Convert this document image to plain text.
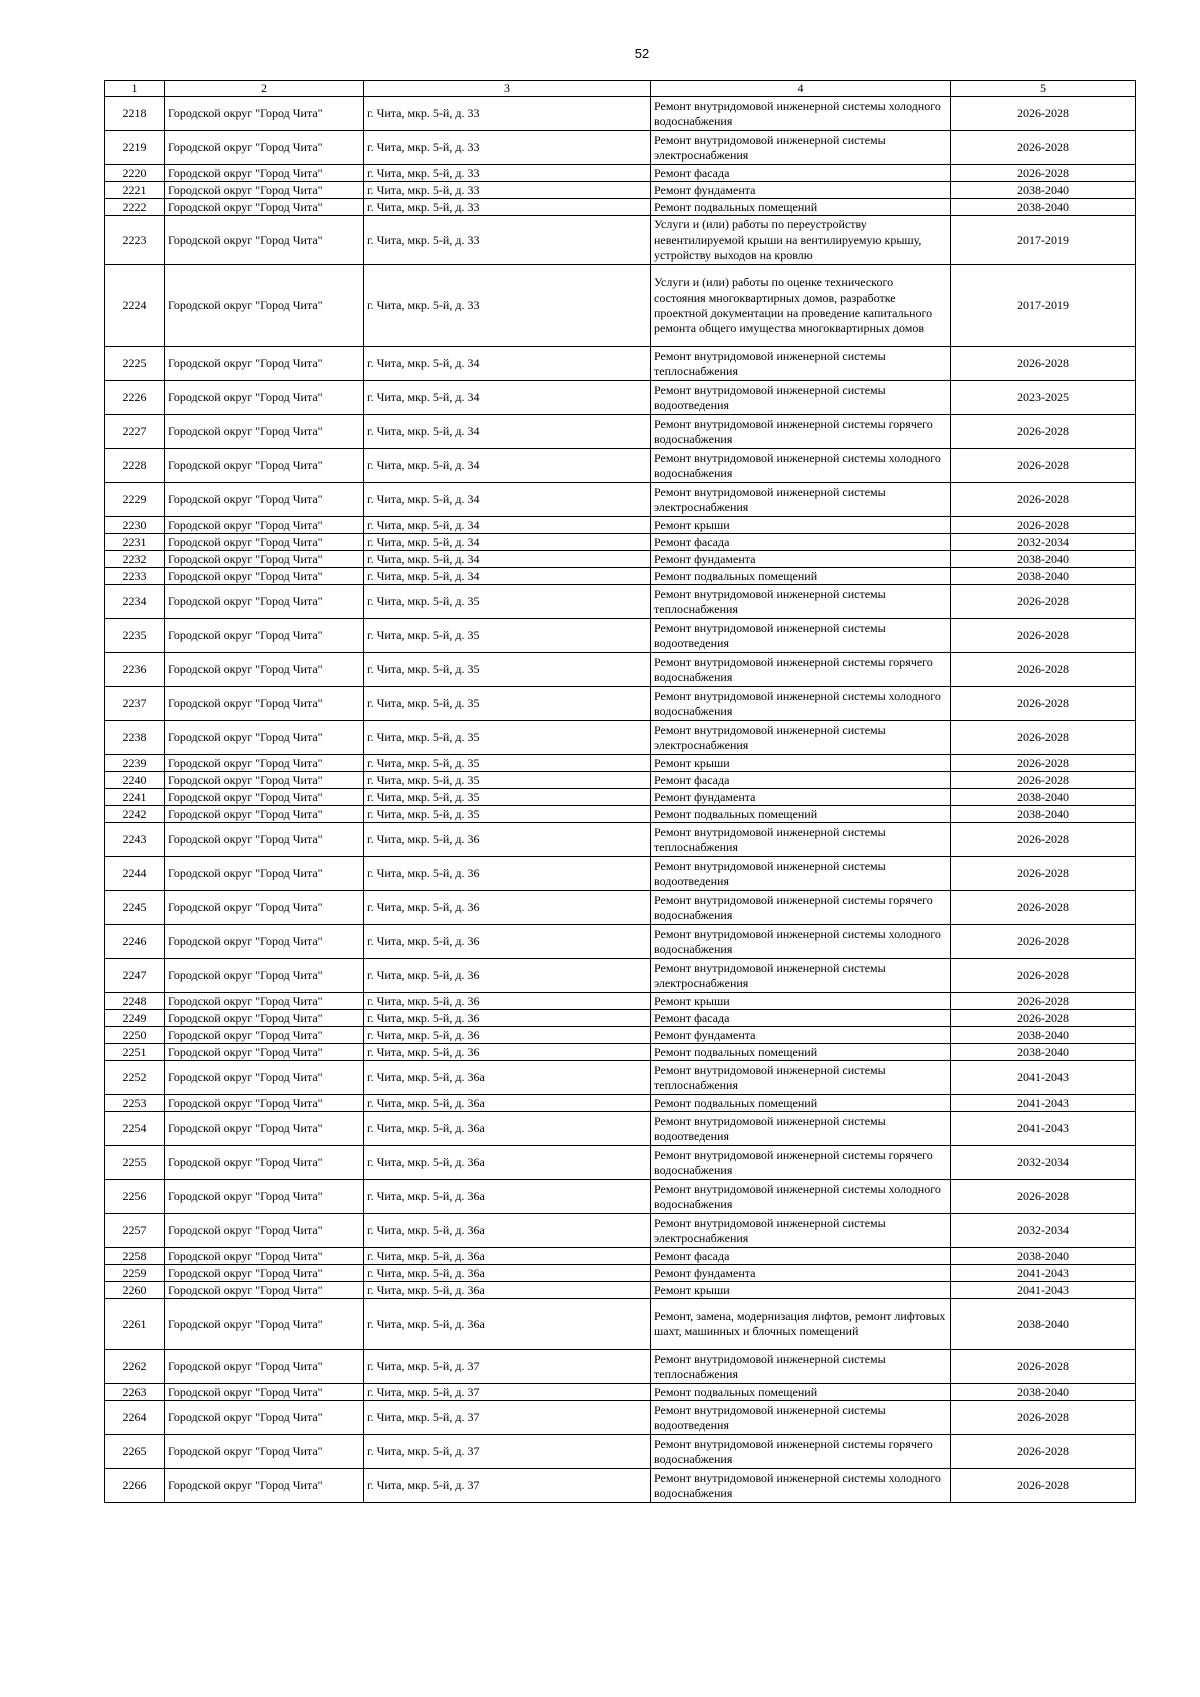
52
1	2	3	4	5
2218	Городской округ "Город Чита"	г. Чита, мкр. 5-й, д. 33	Ремонт внутридомовой инженерной системы холодного водоснабжения	2026-2028
2219	Городской округ "Город Чита"	г. Чита, мкр. 5-й, д. 33	Ремонт внутридомовой инженерной системы электроснабжения	2026-2028
2220	Городской округ "Город Чита"	г. Чита, мкр. 5-й, д. 33	Ремонт фасада	2026-2028
2221	Городской округ "Город Чита"	г. Чита, мкр. 5-й, д. 33	Ремонт фундамента	2038-2040
2222	Городской округ "Город Чита"	г. Чита, мкр. 5-й, д. 33	Ремонт подвальных помещений	2038-2040
2223	Городской округ "Город Чита"	г. Чита, мкр. 5-й, д. 33	Услуги и (или) работы по переустройству невентилируемой крыши на вентилируемую крышу, устройству выходов на кровлю	2017-2019
2224	Городской округ "Город Чита"	г. Чита, мкр. 5-й, д. 33	Услуги и (или) работы по оценке технического состояния многоквартирных домов, разработке проектной документации на проведение капитального ремонта общего имущества многоквартирных домов	2017-2019
2225	Городской округ "Город Чита"	г. Чита, мкр. 5-й, д. 34	Ремонт внутридомовой инженерной системы теплоснабжения	2026-2028
2226	Городской округ "Город Чита"	г. Чита, мкр. 5-й, д. 34	Ремонт внутридомовой инженерной системы водоотведения	2023-2025
2227	Городской округ "Город Чита"	г. Чита, мкр. 5-й, д. 34	Ремонт внутридомовой инженерной системы горячего водоснабжения	2026-2028
2228	Городской округ "Город Чита"	г. Чита, мкр. 5-й, д. 34	Ремонт внутридомовой инженерной системы холодного водоснабжения	2026-2028
2229	Городской округ "Город Чита"	г. Чита, мкр. 5-й, д. 34	Ремонт внутридомовой инженерной системы электроснабжения	2026-2028
2230	Городской округ "Город Чита"	г. Чита, мкр. 5-й, д. 34	Ремонт крыши	2026-2028
2231	Городской округ "Город Чита"	г. Чита, мкр. 5-й, д. 34	Ремонт фасада	2032-2034
2232	Городской округ "Город Чита"	г. Чита, мкр. 5-й, д. 34	Ремонт фундамента	2038-2040
2233	Городской округ "Город Чита"	г. Чита, мкр. 5-й, д. 34	Ремонт подвальных помещений	2038-2040
2234	Городской округ "Город Чита"	г. Чита, мкр. 5-й, д. 35	Ремонт внутридомовой инженерной системы теплоснабжения	2026-2028
2235	Городской округ "Город Чита"	г. Чита, мкр. 5-й, д. 35	Ремонт внутридомовой инженерной системы водоотведения	2026-2028
2236	Городской округ "Город Чита"	г. Чита, мкр. 5-й, д. 35	Ремонт внутридомовой инженерной системы горячего водоснабжения	2026-2028
2237	Городской округ "Город Чита"	г. Чита, мкр. 5-й, д. 35	Ремонт внутридомовой инженерной системы холодного водоснабжения	2026-2028
2238	Городской округ "Город Чита"	г. Чита, мкр. 5-й, д. 35	Ремонт внутридомовой инженерной системы электроснабжения	2026-2028
2239	Городской округ "Город Чита"	г. Чита, мкр. 5-й, д. 35	Ремонт крыши	2026-2028
2240	Городской округ "Город Чита"	г. Чита, мкр. 5-й, д. 35	Ремонт фасада	2026-2028
2241	Городской округ "Город Чита"	г. Чита, мкр. 5-й, д. 35	Ремонт фундамента	2038-2040
2242	Городской округ "Город Чита"	г. Чита, мкр. 5-й, д. 35	Ремонт подвальных помещений	2038-2040
2243	Городской округ "Город Чита"	г. Чита, мкр. 5-й, д. 36	Ремонт внутридомовой инженерной системы теплоснабжения	2026-2028
2244	Городской округ "Город Чита"	г. Чита, мкр. 5-й, д. 36	Ремонт внутридомовой инженерной системы водоотведения	2026-2028
2245	Городской округ "Город Чита"	г. Чита, мкр. 5-й, д. 36	Ремонт внутридомовой инженерной системы горячего водоснабжения	2026-2028
2246	Городской округ "Город Чита"	г. Чита, мкр. 5-й, д. 36	Ремонт внутридомовой инженерной системы холодного водоснабжения	2026-2028
2247	Городской округ "Город Чита"	г. Чита, мкр. 5-й, д. 36	Ремонт внутридомовой инженерной системы электроснабжения	2026-2028
2248	Городской округ "Город Чита"	г. Чита, мкр. 5-й, д. 36	Ремонт крыши	2026-2028
2249	Городской округ "Город Чита"	г. Чита, мкр. 5-й, д. 36	Ремонт фасада	2026-2028
2250	Городской округ "Город Чита"	г. Чита, мкр. 5-й, д. 36	Ремонт фундамента	2038-2040
2251	Городской округ "Город Чита"	г. Чита, мкр. 5-й, д. 36	Ремонт подвальных помещений	2038-2040
2252	Городской округ "Город Чита"	г. Чита, мкр. 5-й, д. 36а	Ремонт внутридомовой инженерной системы теплоснабжения	2041-2043
2253	Городской округ "Город Чита"	г. Чита, мкр. 5-й, д. 36а	Ремонт подвальных помещений	2041-2043
2254	Городской округ "Город Чита"	г. Чита, мкр. 5-й, д. 36а	Ремонт внутридомовой инженерной системы водоотведения	2041-2043
2255	Городской округ "Город Чита"	г. Чита, мкр. 5-й, д. 36а	Ремонт внутридомовой инженерной системы горячего водоснабжения	2032-2034
2256	Городской округ "Город Чита"	г. Чита, мкр. 5-й, д. 36а	Ремонт внутридомовой инженерной системы холодного водоснабжения	2026-2028
2257	Городской округ "Город Чита"	г. Чита, мкр. 5-й, д. 36а	Ремонт внутридомовой инженерной системы электроснабжения	2032-2034
2258	Городской округ "Город Чита"	г. Чита, мкр. 5-й, д. 36а	Ремонт фасада	2038-2040
2259	Городской округ "Город Чита"	г. Чита, мкр. 5-й, д. 36а	Ремонт фундамента	2041-2043
2260	Городской округ "Город Чита"	г. Чита, мкр. 5-й, д. 36а	Ремонт крыши	2041-2043
2261	Городской округ "Город Чита"	г. Чита, мкр. 5-й, д. 36а	Ремонт, замена, модернизация лифтов, ремонт лифтовых шахт, машинных и блочных помещений	2038-2040
2262	Городской округ "Город Чита"	г. Чита, мкр. 5-й, д. 37	Ремонт внутридомовой инженерной системы теплоснабжения	2026-2028
2263	Городской округ "Город Чита"	г. Чита, мкр. 5-й, д. 37	Ремонт подвальных помещений	2038-2040
2264	Городской округ "Город Чита"	г. Чита, мкр. 5-й, д. 37	Ремонт внутридомовой инженерной системы водоотведения	2026-2028
2265	Городской округ "Город Чита"	г. Чита, мкр. 5-й, д. 37	Ремонт внутридомовой инженерной системы горячего водоснабжения	2026-2028
2266	Городской округ "Город Чита"	г. Чита, мкр. 5-й, д. 37	Ремонт внутридомовой инженерной системы холодного водоснабжения	2026-2028
